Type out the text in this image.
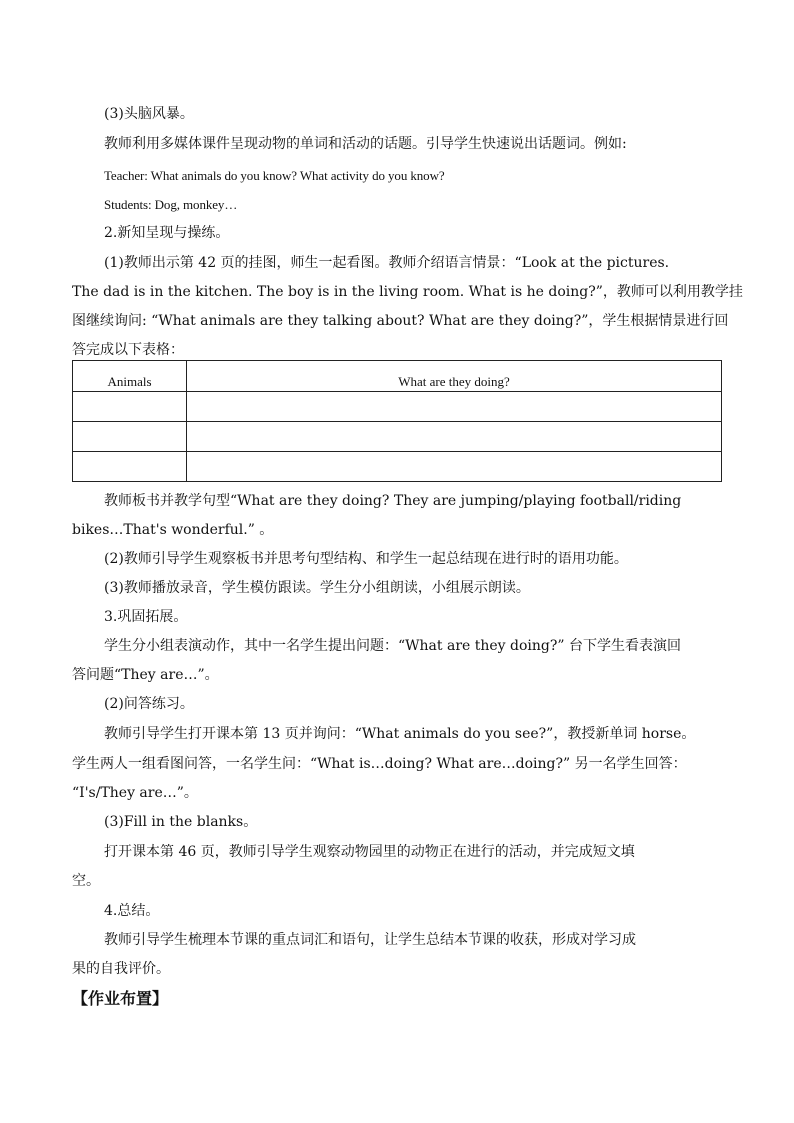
(3)头脑风暴。
教师利用多媒体课件呈现动物的单词和活动的话题。引导学生快速说出话题词。例如:
Teacher: What animals do you know? What activity do you know?
Students: Dog, monkey…
2.新知呈现与操练。
(1)教师出示第 42 页的挂图，师生一起看图。教师介绍语言情景：“Look at the pictures.
The dad is in the kitchen. The boy is in the living room. What is he doing?”，教师可以利用教学挂
图继续询问: “What animals are they talking about? What are they doing?”，学生根据情景进行回
答完成以下表格：
Animals	What are they doing?

教师板书并教学句型“What are they doing? They are jumping/playing football/riding
bikes…That's wonderful.” 。
(2)教师引导学生观察板书并思考句型结构、和学生一起总结现在进行时的语用功能。
(3)教师播放录音，学生模仿跟读。学生分小组朗读，小组展示朗读。
3.巩固拓展。
学生分小组表演动作，其中一名学生提出问题：“What are they doing?” 台下学生看表演回
答问题“They are…”。
(2)问答练习。
教师引导学生打开课本第 13 页并询问：“What animals do you see?”，教授新单词 horse。
学生两人一组看图问答，一名学生问：“What is…doing? What are…doing?” 另一名学生回答：
“I's/They are…”。
(3)Fill in the blanks。
打开课本第 46 页，教师引导学生观察动物园里的动物正在进行的活动，并完成短文填
空。
4.总结。
教师引导学生梳理本节课的重点词汇和语句，让学生总结本节课的收获，形成对学习成
果的自我评价。
【作业布置】
